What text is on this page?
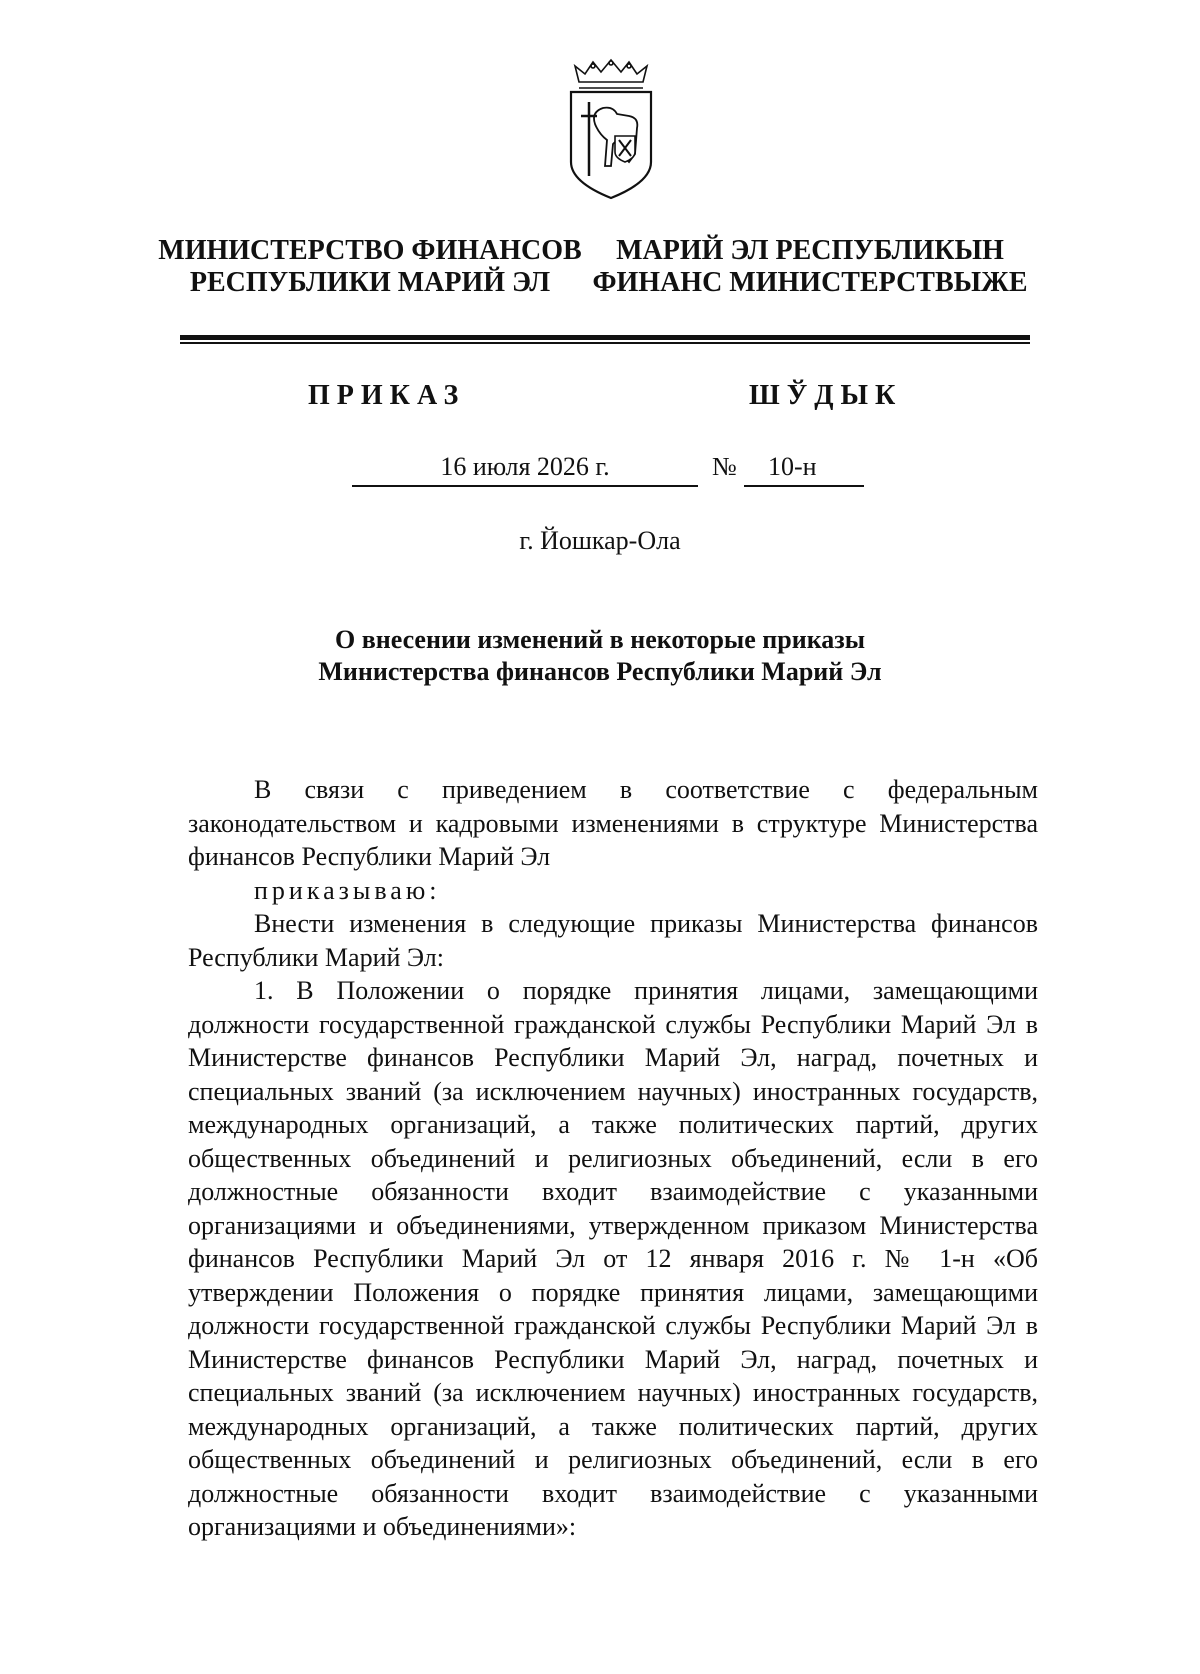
МИНИСТЕРСТВО ФИНАНСОВ
РЕСПУБЛИКИ МАРИЙ ЭЛ
МАРИЙ ЭЛ РЕСПУБЛИКЫН
ФИНАНС МИНИСТЕРСТВЫЖЕ
ПРИКАЗ	ШЎДЫК
16 июля 2026 г.	№	10-н
г. Йошкар-Ола
О внесении изменений в некоторые приказы
Министерства финансов Республики Марий Эл

В связи с приведением в соответствие с федеральным законодательством и кадровыми изменениями в структуре Министерства финансов Республики Марий Эл

приказываю:

Внести изменения в следующие приказы Министерства финансов Республики Марий Эл:

1. В Положении о порядке принятия лицами, замещающими должности государственной гражданской службы Республики Марий Эл в Министерстве финансов Республики Марий Эл, наград, почетных и специальных званий (за исключением научных) иностранных государств, международных организаций, а также политических партий, других общественных объединений и религиозных объединений, если в его должностные обязанности входит взаимодействие с указанными организациями и объединениями, утвержденном приказом Министерства финансов Республики Марий Эл от 12 января 2016 г. № 1-н «Об утверждении Положения о порядке принятия лицами, замещающими должности государственной гражданской службы Республики Марий Эл в Министерстве финансов Республики Марий Эл, наград, почетных и специальных званий (за исключением научных) иностранных государств, международных организаций, а также политических партий, других общественных объединений и религиозных объединений, если в его должностные обязанности входит взаимодействие с указанными организациями и объединениями»:
